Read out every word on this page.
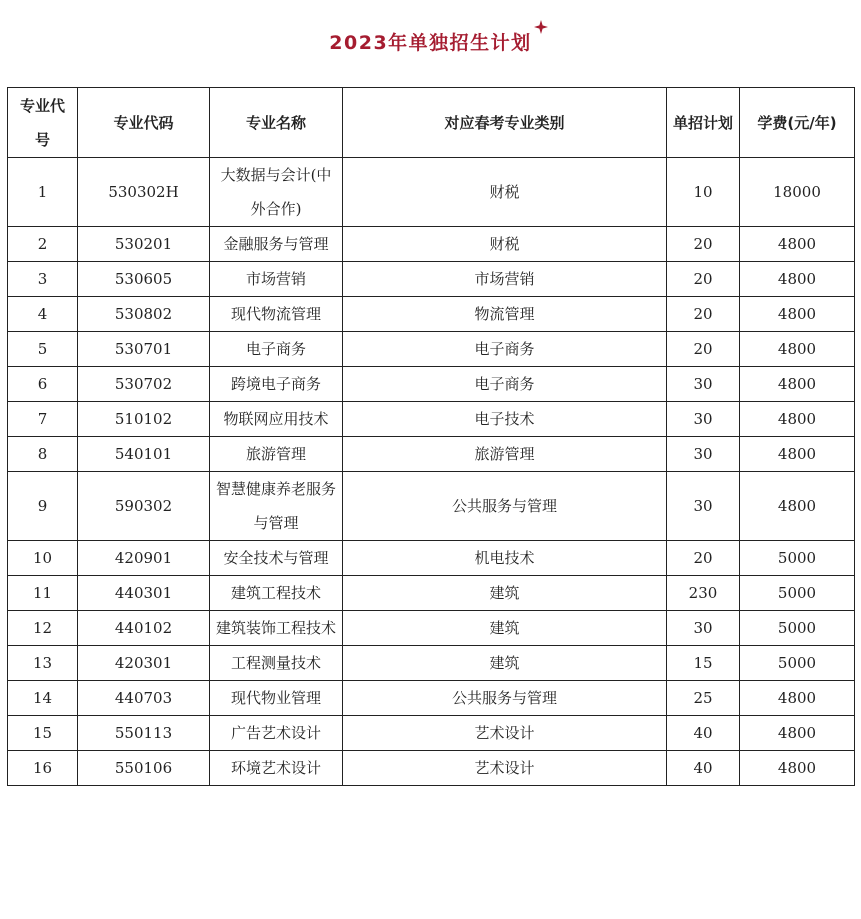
2023年单独招生计划
专业代号	专业代码	专业名称	对应春考专业类别	单招计划	学费(元/年)
1	530302H	大数据与会计(中外合作)	财税	10	18000
2	530201	金融服务与管理	财税	20	4800
3	530605	市场营销	市场营销	20	4800
4	530802	现代物流管理	物流管理	20	4800
5	530701	电子商务	电子商务	20	4800
6	530702	跨境电子商务	电子商务	30	4800
7	510102	物联网应用技术	电子技术	30	4800
8	540101	旅游管理	旅游管理	30	4800
9	590302	智慧健康养老服务与管理	公共服务与管理	30	4800
10	420901	安全技术与管理	机电技术	20	5000
11	440301	建筑工程技术	建筑	230	5000
12	440102	建筑装饰工程技术	建筑	30	5000
13	420301	工程测量技术	建筑	15	5000
14	440703	现代物业管理	公共服务与管理	25	4800
15	550113	广告艺术设计	艺术设计	40	4800
16	550106	环境艺术设计	艺术设计	40	4800
